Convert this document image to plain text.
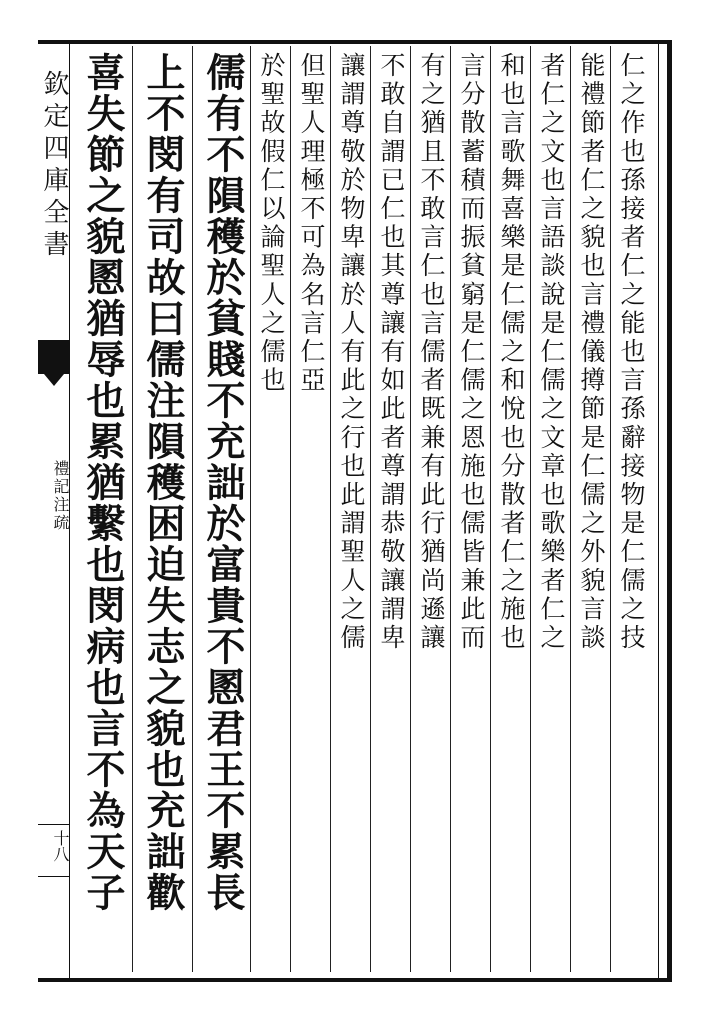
欽定四庫全書
禮記注疏
十八
仁之作也孫接者仁之能也言孫辭接物是仁儒之技
能禮節者仁之貌也言禮儀撙節是仁儒之外貌言談
者仁之文也言語談說是仁儒之文章也歌樂者仁之
和也言歌舞喜樂是仁儒之和悅也分散者仁之施也
言分散蓄積而振貧窮是仁儒之恩施也儒皆兼此而
有之猶且不敢言仁也言儒者既兼有此行猶尚遜讓
不敢自謂已仁也其尊讓有如此者尊謂恭敬讓謂卑
讓謂尊敬於物卑讓於人有此之行也此謂聖人之儒
但聖人理極不可為名言仁亞
於聖故假仁以論聖人之儒也
儒有不隕穫於貧賤不充詘於富貴不慁君王不累長
上不閔有司故曰儒注隕穫困迫失志之貌也充詘歡
喜失節之貌慁猶辱也累猶繫也閔病也言不為天子
